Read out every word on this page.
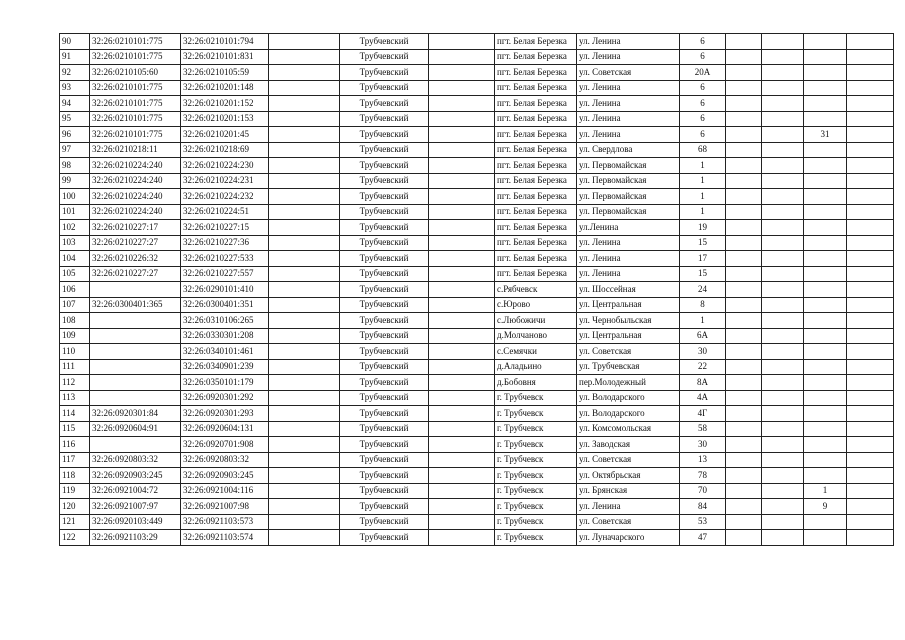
90	32:26:0210101:775	32:26:0210101:794		Трубчевский		пгт. Белая Березка	ул. Ленина	6				
91	32:26:0210101:775	32:26:0210101:831		Трубчевский		пгт. Белая Березка	ул. Ленина	6				
92	32:26:0210105:60	32:26:0210105:59		Трубчевский		пгт. Белая Березка	ул. Советская	20А				
93	32:26:0210101:775	32:26:0210201:148		Трубчевский		пгт. Белая Березка	ул. Ленина	6				
94	32:26:0210101:775	32:26:0210201:152		Трубчевский		пгт. Белая Березка	ул. Ленина	6				
95	32:26:0210101:775	32:26:0210201:153		Трубчевский		пгт. Белая Березка	ул. Ленина	6				
96	32:26:0210101:775	32:26:0210201:45		Трубчевский		пгт. Белая Березка	ул. Ленина	6			31	
97	32:26:0210218:11	32:26:0210218:69		Трубчевский		пгт. Белая Березка	ул. Свердлова	68				
98	32:26:0210224:240	32:26:0210224:230		Трубчевский		пгт. Белая Березка	ул. Первомайская	1				
99	32:26:0210224:240	32:26:0210224:231		Трубчевский		пгт. Белая Березка	ул. Первомайская	1				
100	32:26:0210224:240	32:26:0210224:232		Трубчевский		пгт. Белая Березка	ул. Первомайская	1				
101	32:26:0210224:240	32:26:0210224:51		Трубчевский		пгт. Белая Березка	ул. Первомайская	1				
102	32:26:0210227:17	32:26:0210227:15		Трубчевский		пгт. Белая Березка	ул.Ленина	19				
103	32:26:0210227:27	32:26:0210227:36		Трубчевский		пгт. Белая Березка	ул. Ленина	15				
104	32:26:0210226:32	32:26:0210227:533		Трубчевский		пгт. Белая Березка	ул. Ленина	17				
105	32:26:0210227:27	32:26:0210227:557		Трубчевский		пгт. Белая Березка	ул. Ленина	15				
106		32:26:0290101:410		Трубчевский		с.Рябчевск	ул. Шоссейная	24				
107	32:26:0300401:365	32:26:0300401:351		Трубчевский		с.Юрово	ул. Центральная	8				
108		32:26:0310106:265		Трубчевский		с.Любожичи	ул. Чернобыльская	1				
109		32:26:0330301:208		Трубчевский		д.Молчаново	ул. Центральная	6А				
110		32:26:0340101:461		Трубчевский		с.Семячки	ул. Советская	30				
111		32:26:0340901:239		Трубчевский		д.Аладьино	ул. Трубчевская	22				
112		32:26:0350101:179		Трубчевский		д.Бобовня	пер.Молодежный	8А				
113		32:26:0920301:292		Трубчевский		г. Трубчевск	ул. Володарского	4А				
114	32:26:0920301:84	32:26:0920301:293		Трубчевский		г. Трубчевск	ул. Володарского	4Г				
115	32:26:0920604:91	32:26:0920604:131		Трубчевский		г. Трубчевск	ул. Комсомольская	58				
116		32:26:0920701:908		Трубчевский		г. Трубчевск	ул. Заводская	30				
117	32:26:0920803:32	32:26:0920803:32		Трубчевский		г. Трубчевск	ул. Советская	13				
118	32:26:0920903:245	32:26:0920903:245		Трубчевский		г. Трубчевск	ул. Октябрьская	78				
119	32:26:0921004:72	32:26:0921004:116		Трубчевский		г. Трубчевск	ул. Брянская	70			1	
120	32:26:0921007:97	32:26:0921007:98		Трубчевский		г. Трубчевск	ул. Ленина	84			9	
121	32:26:0920103:449	32:26:0921103:573		Трубчевский		г. Трубчевск	ул. Советская	53				
122	32:26:0921103:29	32:26:0921103:574		Трубчевский		г. Трубчевск	ул. Луначарского	47				
